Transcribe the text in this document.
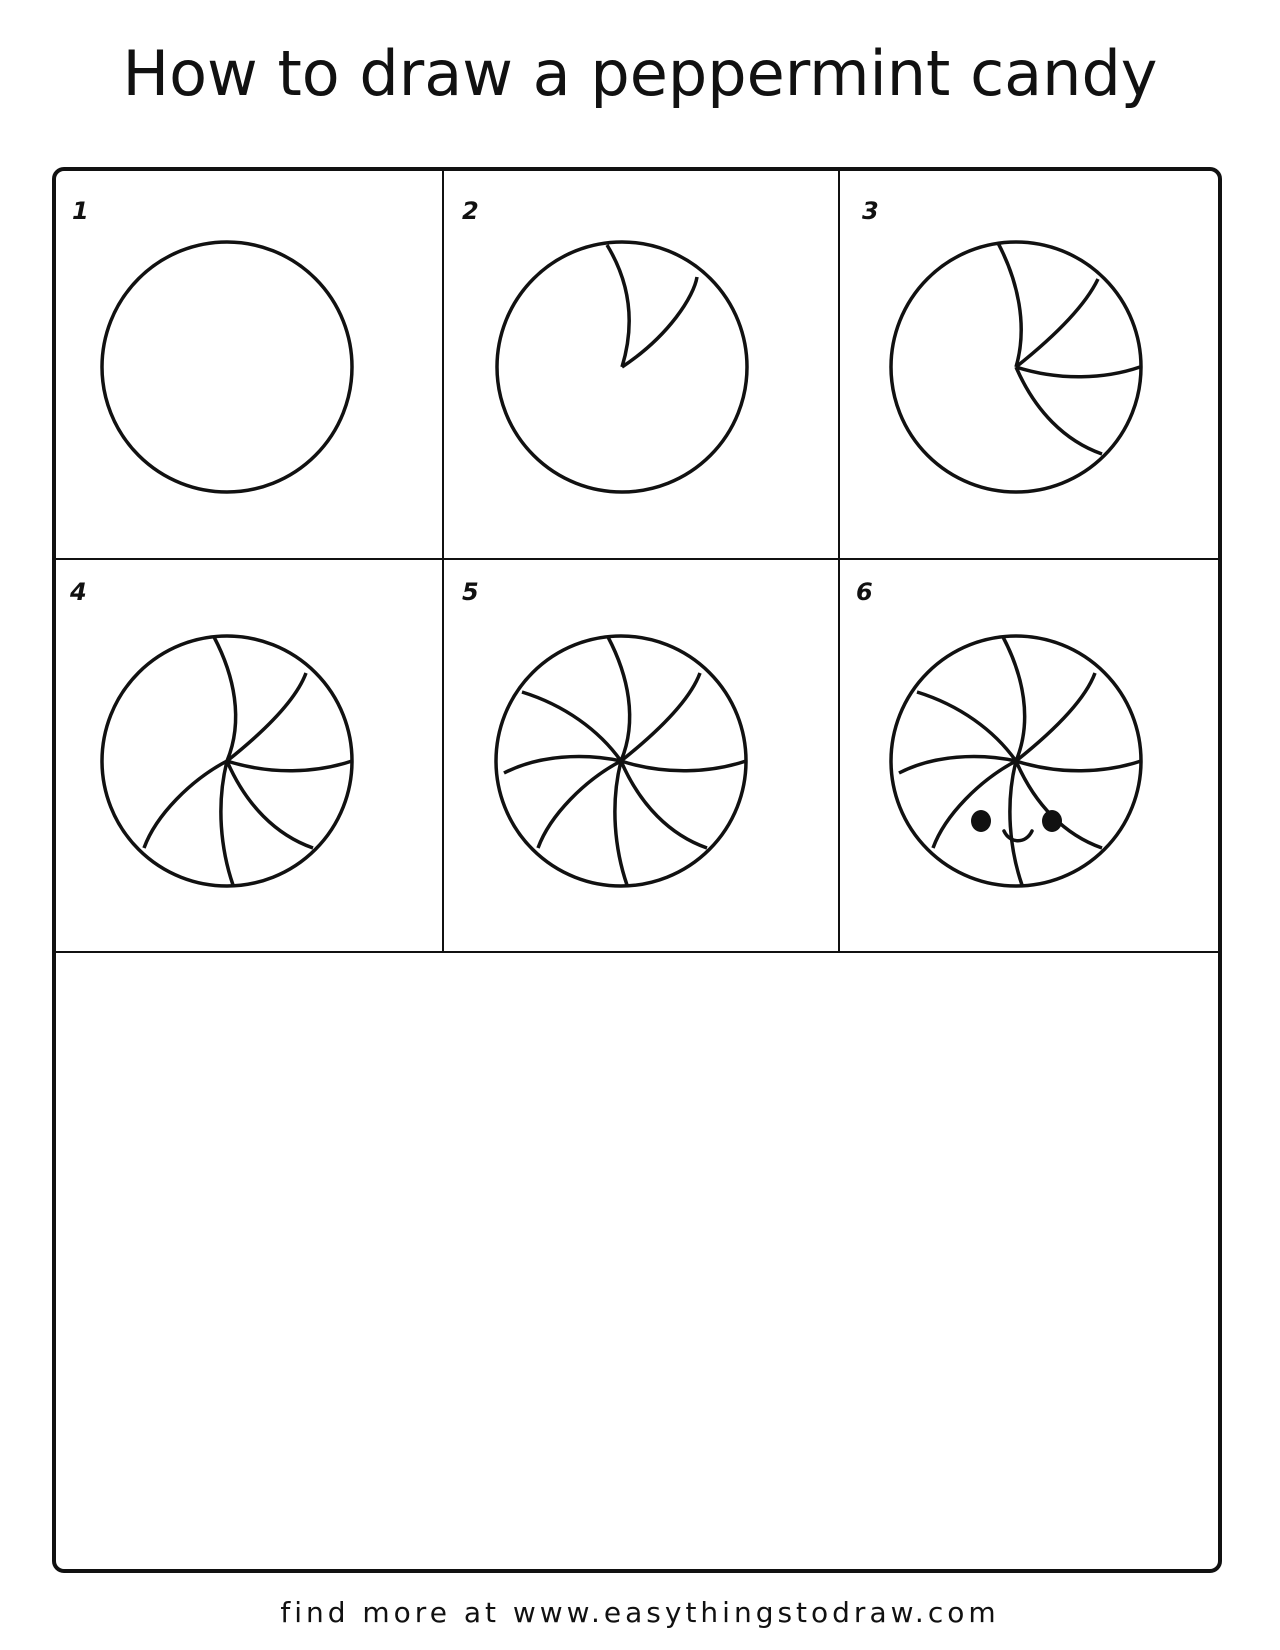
How to draw a peppermint candy
1	2	3
4	5	6
find more at www.easythingstodraw.com
